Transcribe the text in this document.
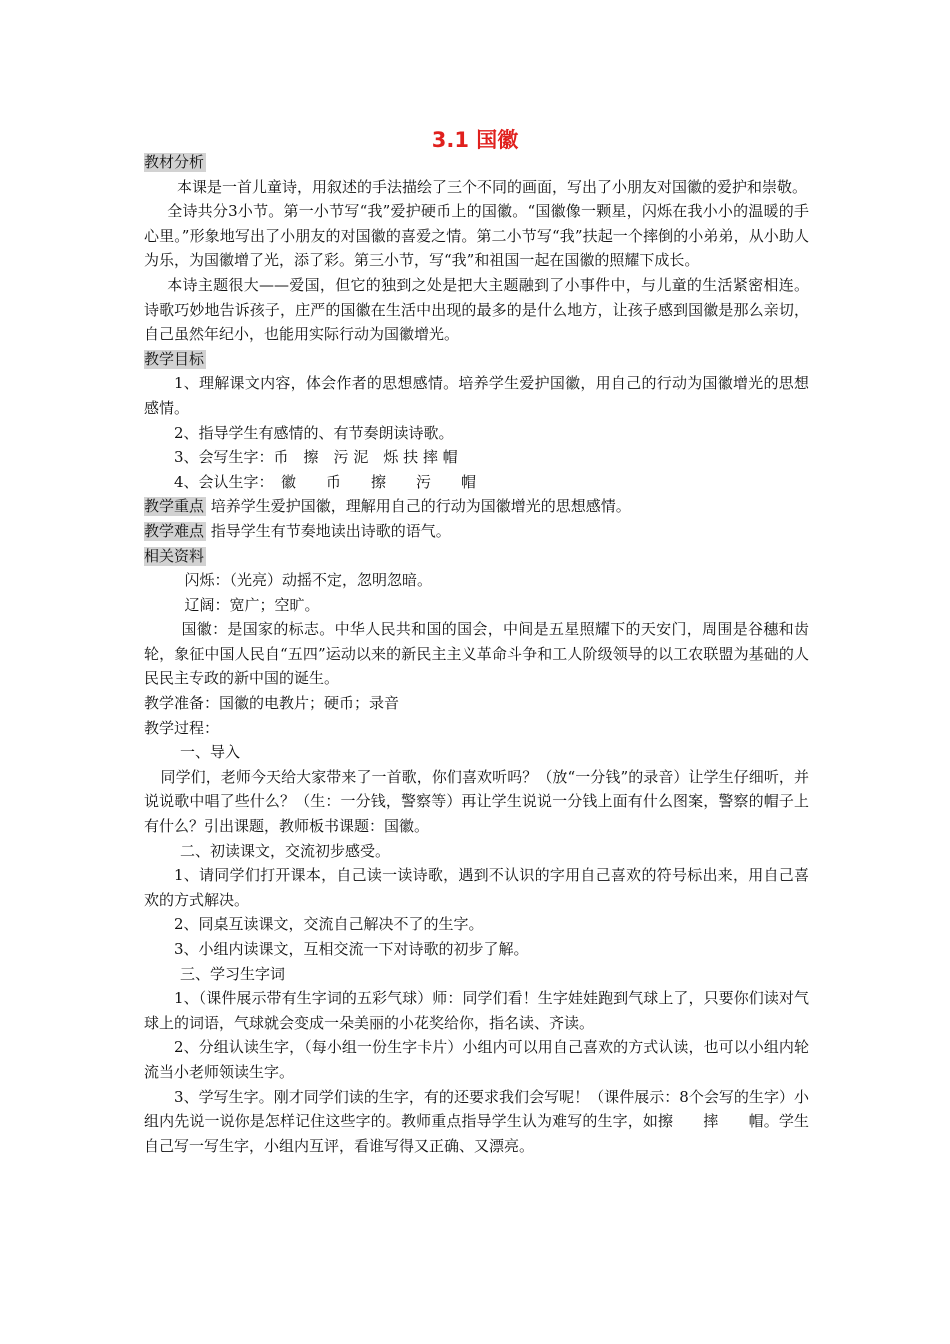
3.1 国徽

教材分析

本课是一首儿童诗，用叙述的手法描绘了三个不同的画面，写出了小朋友对国徽的爱护和崇敬。

全诗共分3小节。第一小节写“我”爱护硬币上的国徽。“国徽像一颗星，闪烁在我小小的温暖的手心里。”形象地写出了小朋友的对国徽的喜爱之情。第二小节写“我”扶起一个摔倒的小弟弟，从小助人为乐，为国徽增了光，添了彩。第三小节，写“我”和祖国一起在国徽的照耀下成长。

本诗主题很大——爱国，但它的独到之处是把大主题融到了小事件中，与儿童的生活紧密相连。诗歌巧妙地告诉孩子，庄严的国徽在生活中出现的最多的是什么地方，让孩子感到国徽是那么亲切，自己虽然年纪小，也能用实际行动为国徽增光。

教学目标

1、理解课文内容，体会作者的思想感情。培养学生爱护国徽，用自己的行动为国徽增光的思想感情。

2、指导学生有感情的、有节奏朗读诗歌。

3、会写生字：币　擦　污 泥　烁 扶 摔 帽

4、会认生字：　徽　　币　　擦　　污　　帽

教学重点 培养学生爱护国徽，理解用自己的行动为国徽增光的思想感情。

教学难点 指导学生有节奏地读出诗歌的语气。

相关资料

闪烁：（光亮）动摇不定，忽明忽暗。

辽阔：宽广；空旷。

国徽：是国家的标志。中华人民共和国的国会，中间是五星照耀下的天安门，周围是谷穗和齿轮，象征中国人民自“五四”运动以来的新民主主义革命斗争和工人阶级领导的以工农联盟为基础的人民民主专政的新中国的诞生。

教学准备：国徽的电教片；硬币；录音

教学过程：

一、导入

同学们，老师今天给大家带来了一首歌，你们喜欢听吗？（放“一分钱”的录音）让学生仔细听，并说说歌中唱了些什么？（生：一分钱，警察等）再让学生说说一分钱上面有什么图案，警察的帽子上有什么？引出课题，教师板书课题：国徽。

二、初读课文，交流初步感受。

1、请同学们打开课本，自己读一读诗歌，遇到不认识的字用自己喜欢的符号标出来，用自己喜欢的方式解决。

2、同桌互读课文，交流自己解决不了的生字。

3、小组内读课文，互相交流一下对诗歌的初步了解。

三、学习生字词

1、（课件展示带有生字词的五彩气球）师：同学们看！生字娃娃跑到气球上了，只要你们读对气球上的词语，气球就会变成一朵美丽的小花奖给你，指名读、齐读。

2、分组认读生字，（每小组一份生字卡片）小组内可以用自己喜欢的方式认读，也可以小组内轮流当小老师领读生字。

3、学写生字。刚才同学们读的生字，有的还要求我们会写呢！（课件展示：8个会写的生字）小组内先说一说你是怎样记住这些字的。教师重点指导学生认为难写的生字，如擦　　摔　　帽。学生自己写一写生字，小组内互评，看谁写得又正确、又漂亮。
